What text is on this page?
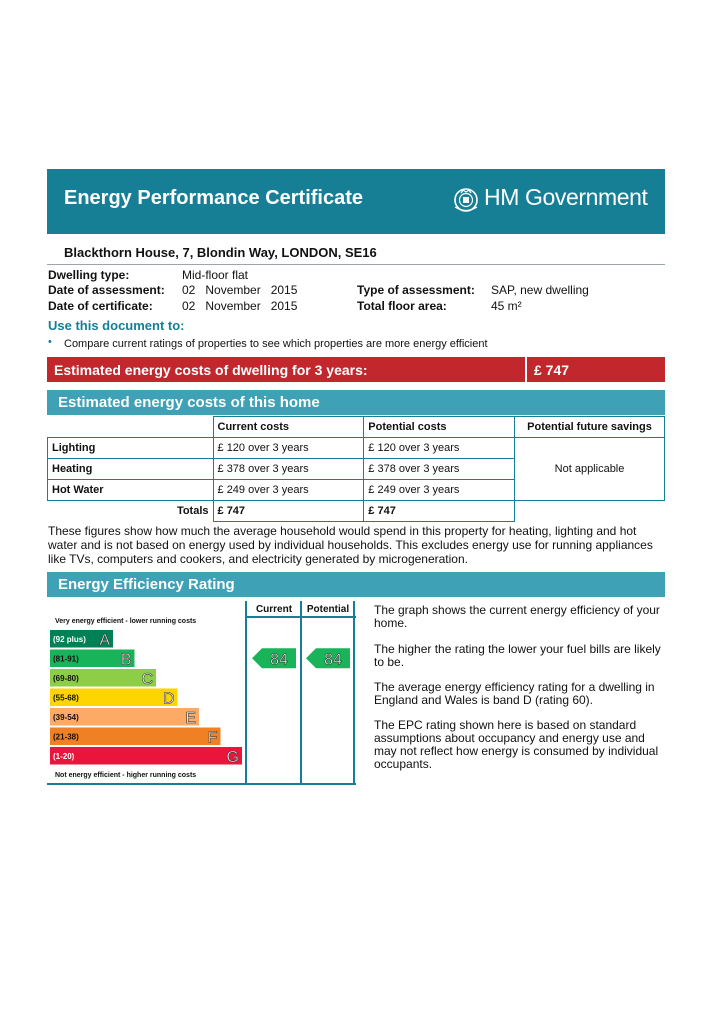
Energy Performance Certificate	HM Government
Blackthorn House, 7, Blondin Way, LONDON, SE16
Dwelling type:	Mid-floor flat
Date of assessment: 02   November   2015
Date of certificate: 02   November   2015
Type of assessment: SAP, new dwelling
Total floor area:	45 m²
Use this document to:
• Compare current ratings of properties to see which properties are more energy efficient
Estimated energy costs of dwelling for 3 years:	£ 747
Estimated energy costs of this home
	Current costs	Potential costs	Potential future savings
Lighting	£ 120 over 3 years	£ 120 over 3 years	Not applicable
Heating	£ 378 over 3 years	£ 378 over 3 years	
Hot Water	£ 249 over 3 years	£ 249 over 3 years	
Totals	£ 747	£ 747	
These figures show how much the average household would spend in this property for heating, lighting and hot water and is not based on energy used by individual households. This excludes energy use for running appliances like TVs, computers and cookers, and electricity generated by microgeneration.
Energy Efficiency Rating
Current Potential
Very energy efficient - lower running costs
Not energy efficient - higher running costs
(92 plus) A
(81-91)	B
(69-80)	C
(55-68)	D
(39-54)	E
(21-38)	F
(1-20)	G
84 84
The graph shows the current energy efficiency of your home.
The higher the rating the lower your fuel bills are likely to be.
The average energy efficiency rating for a dwelling in England and Wales is band D (rating 60).
The EPC rating shown here is based on standard assumptions about occupancy and energy use and may not reflect how energy is consumed by individual occupants.
